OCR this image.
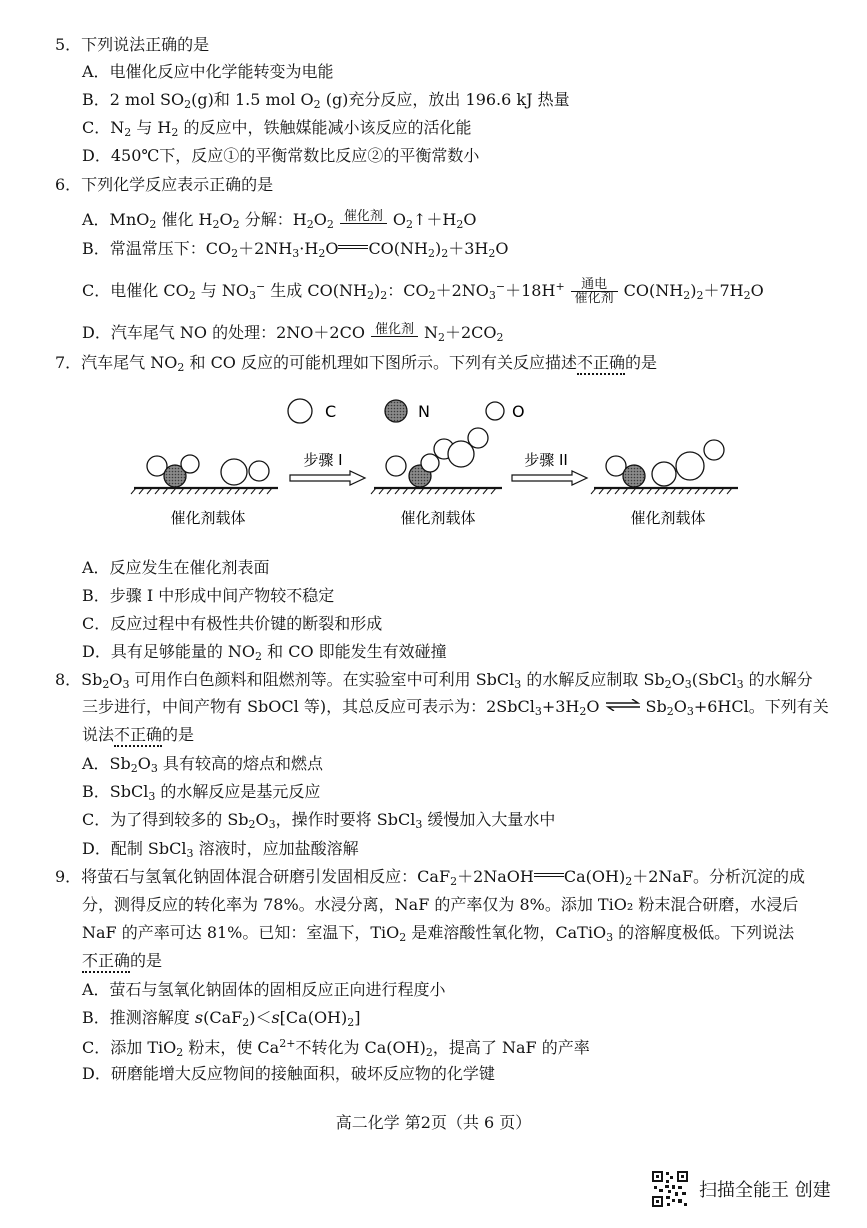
5．下列说法正确的是
A．电催化反应中化学能转变为电能
B．2 mol $SO_2(g)$和 1.5 mol $O_2$ (g)充分反应，放出 196.6 kJ 热量
C．$N_2$ 与 $H_2$ 的反应中，铁触媒能减小该反应的活化能
D．450℃下，反应①的平衡常数比反应②的平衡常数小
6．下列化学反应表示正确的是
A．MnO$_2$ 催化 $H_2O_2$ 分解：$H_2O_2$
催化剂 $O_2↑+H_2O$
B．常温常压下：$CO_2+2NH_3\cdot H_2O$ $CO(NH_2)_2+3H_2O$
C．电催化 $CO_2$ 与 $NO_3^-$ 生成 $CO(NH_2)_2$：$CO_2+2NO_3^-+18H^+$	通电
催化剂 $CO(NH_2)_2+7H_2O$
D．汽车尾气 NO 的处理：2NO＋2CO 催化剂 $N_2+2CO_2$
7．汽车尾气 $NO_2$ 和 CO 反应的可能机理如下图所示。下列有关反应描述不正确的是
C	N	O
催化剂载体
步骤 I
催化剂载体
步骤 II
催化剂载体
A．反应发生在催化剂表面
B．步骤 I 中形成中间产物较不稳定
C．反应过程中有极性共价键的断裂和形成
D．具有足够能量的 $NO_2$ 和 CO 即能发生有效碰撞
8．$Sb_2O_3$ 可用作白色颜料和阻燃剂等。在实验室中可利用 SbCl$_3$ 的水解反应制取 $Sb_2O_3(SbCl_3$ 的水解分
三步进行，中间产物有 SbOCl 等)，其总反应可表示为：$2SbCl_3+3H_2O$ ⇌ $Sb_2O_3+6HCl$。下列有关
说法不正确的是
A．$Sb_2O_3$ 具有较高的熔点和燃点
B．SbCl$_3$ 的水解反应是基元反应
C．为了得到较多的 $Sb_2O_3$，操作时要将 SbCl$_3$ 缓慢加入大量水中
D．配制 SbCl$_3$ 溶液时，应加盐酸溶解
9．将萤石与氢氧化钠固体混合研磨引发固相反应：CaF$_2$＋2NaOH $Ca(OH)_2+2NaF$。分析沉淀的成
分，测得反应的转化率为 78%。水浸分离，NaF 的产率仅为 8%。添加 TiO₂ 粉末混合研磨，水浸后
NaF 的产率可达 81%。已知：室温下，TiO$_2$ 是难溶酸性氧化物，CaTiO$_3$ 的溶解度极低。下列说法
不正确的是
A．萤石与氢氧化钠固体的固相反应正向进行程度小
B．推测溶解度 $s(CaF_2)<s[Ca(OH)_2]$
C．添加 TiO$_2$ 粉末，使 $Ca^{2+}$不转化为 $Ca(OH)_2$，提高了 NaF 的产率
D．研磨能增大反应物间的接触面积，破坏反应物的化学键
高二化学 第2页（共 6 页）
扫描全能王 创建
